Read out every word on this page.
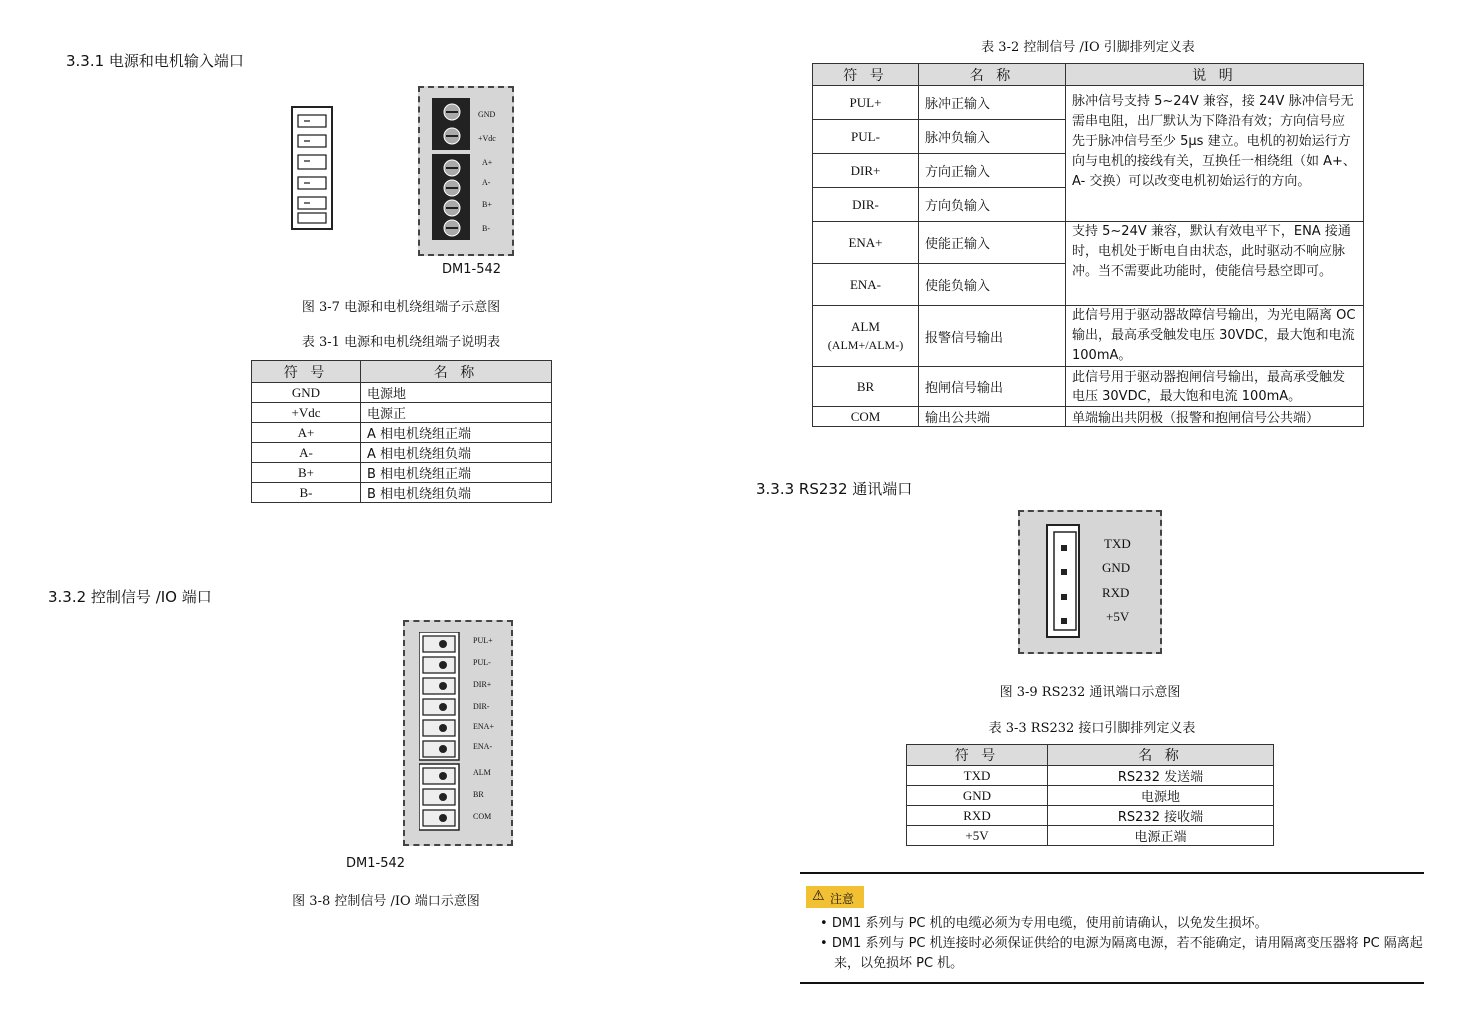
3.3.1 电源和电机输入端口
GND
+Vdc
A+
A-
B+
B-
DM1-542
图 3-7 电源和电机绕组端子示意图
表 3-1 电源和电机绕组端子说明表
符 号	名 称
GND	电源地
+Vdc	电源正
A+	A 相电机绕组正端
A-	A 相电机绕组负端
B+	B 相电机绕组正端
B-	B 相电机绕组负端
3.3.2 控制信号 /IO 端口
PUL+
PUL-
DIR+
DIR-
ENA+
ENA-
ALM
BR
COM
DM1-542
图 3-8 控制信号 /IO 端口示意图
表 3-2 控制信号 /IO 引脚排列定义表
符 号	名 称	说 明
PUL+	脉冲正输入	脉冲信号支持 5~24V 兼容，接 24V 脉冲信号无需串电阻，出厂默认为下降沿有效；方向信号应先于脉冲信号至少 5μs 建立。电机的初始运行方向与电机的接线有关，互换任一相绕组（如 A+、A- 交换）可以改变电机初始运行的方向。
PUL-	脉冲负输入	
DIR+	方向正输入	
DIR-	方向负输入	
ENA+	使能正输入	支持 5~24V 兼容，默认有效电平下，ENA 接通时，电机处于断电自由状态，此时驱动不响应脉冲。当不需要此功能时，使能信号悬空即可。
ENA-	使能负输入	

ALM
(ALM+/ALM-)	报警信号输出	此信号用于驱动器故障信号输出，为光电隔离 OC 输出，最高承受触发电压 30VDC，最大饱和电流 100mA。
BR	抱闸信号输出	此信号用于驱动器抱闸信号输出，最高承受触发电压 30VDC，最大饱和电流 100mA。
COM	输出公共端	单端输出共阴极（报警和抱闸信号公共端）
3.3.3 RS232 通讯端口
TXD
GND
RXD
+5V
图 3-9 RS232 通讯端口示意图
表 3-3 RS232 接口引脚排列定义表
符 号	名 称
TXD	RS232 发送端
GND	电源地
RXD	RS232 接收端
+5V	电源正端
⚠ 注意
• DM1 系列与 PC 机的电缆必须为专用电缆，使用前请确认，以免发生损坏。
• DM1 系列与 PC 机连接时必须保证供给的电源为隔离电源，若不能确定，请用隔离变压器将 PC 隔离起来，以免损坏 PC 机。
